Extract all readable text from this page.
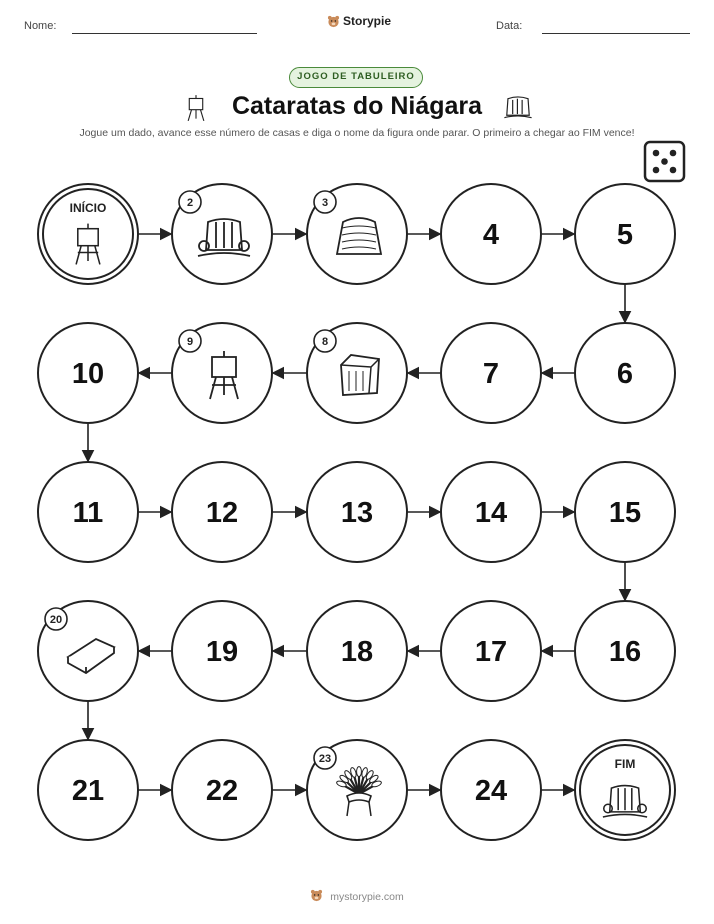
Nome:	Storypie	Data:
JOGO DE TABULEIRO
Cataratas do Niágara
Jogue um dado, avance esse número de casas e diga o nome da figura onde parar. O primeiro a chegar ao FIM vence!
INÍCIO	2	3
4	5
6
7
8
9
10
11	12	13	14	15
16
17
18
19
20
21	22
23
24
FIM
mystorypie.com
